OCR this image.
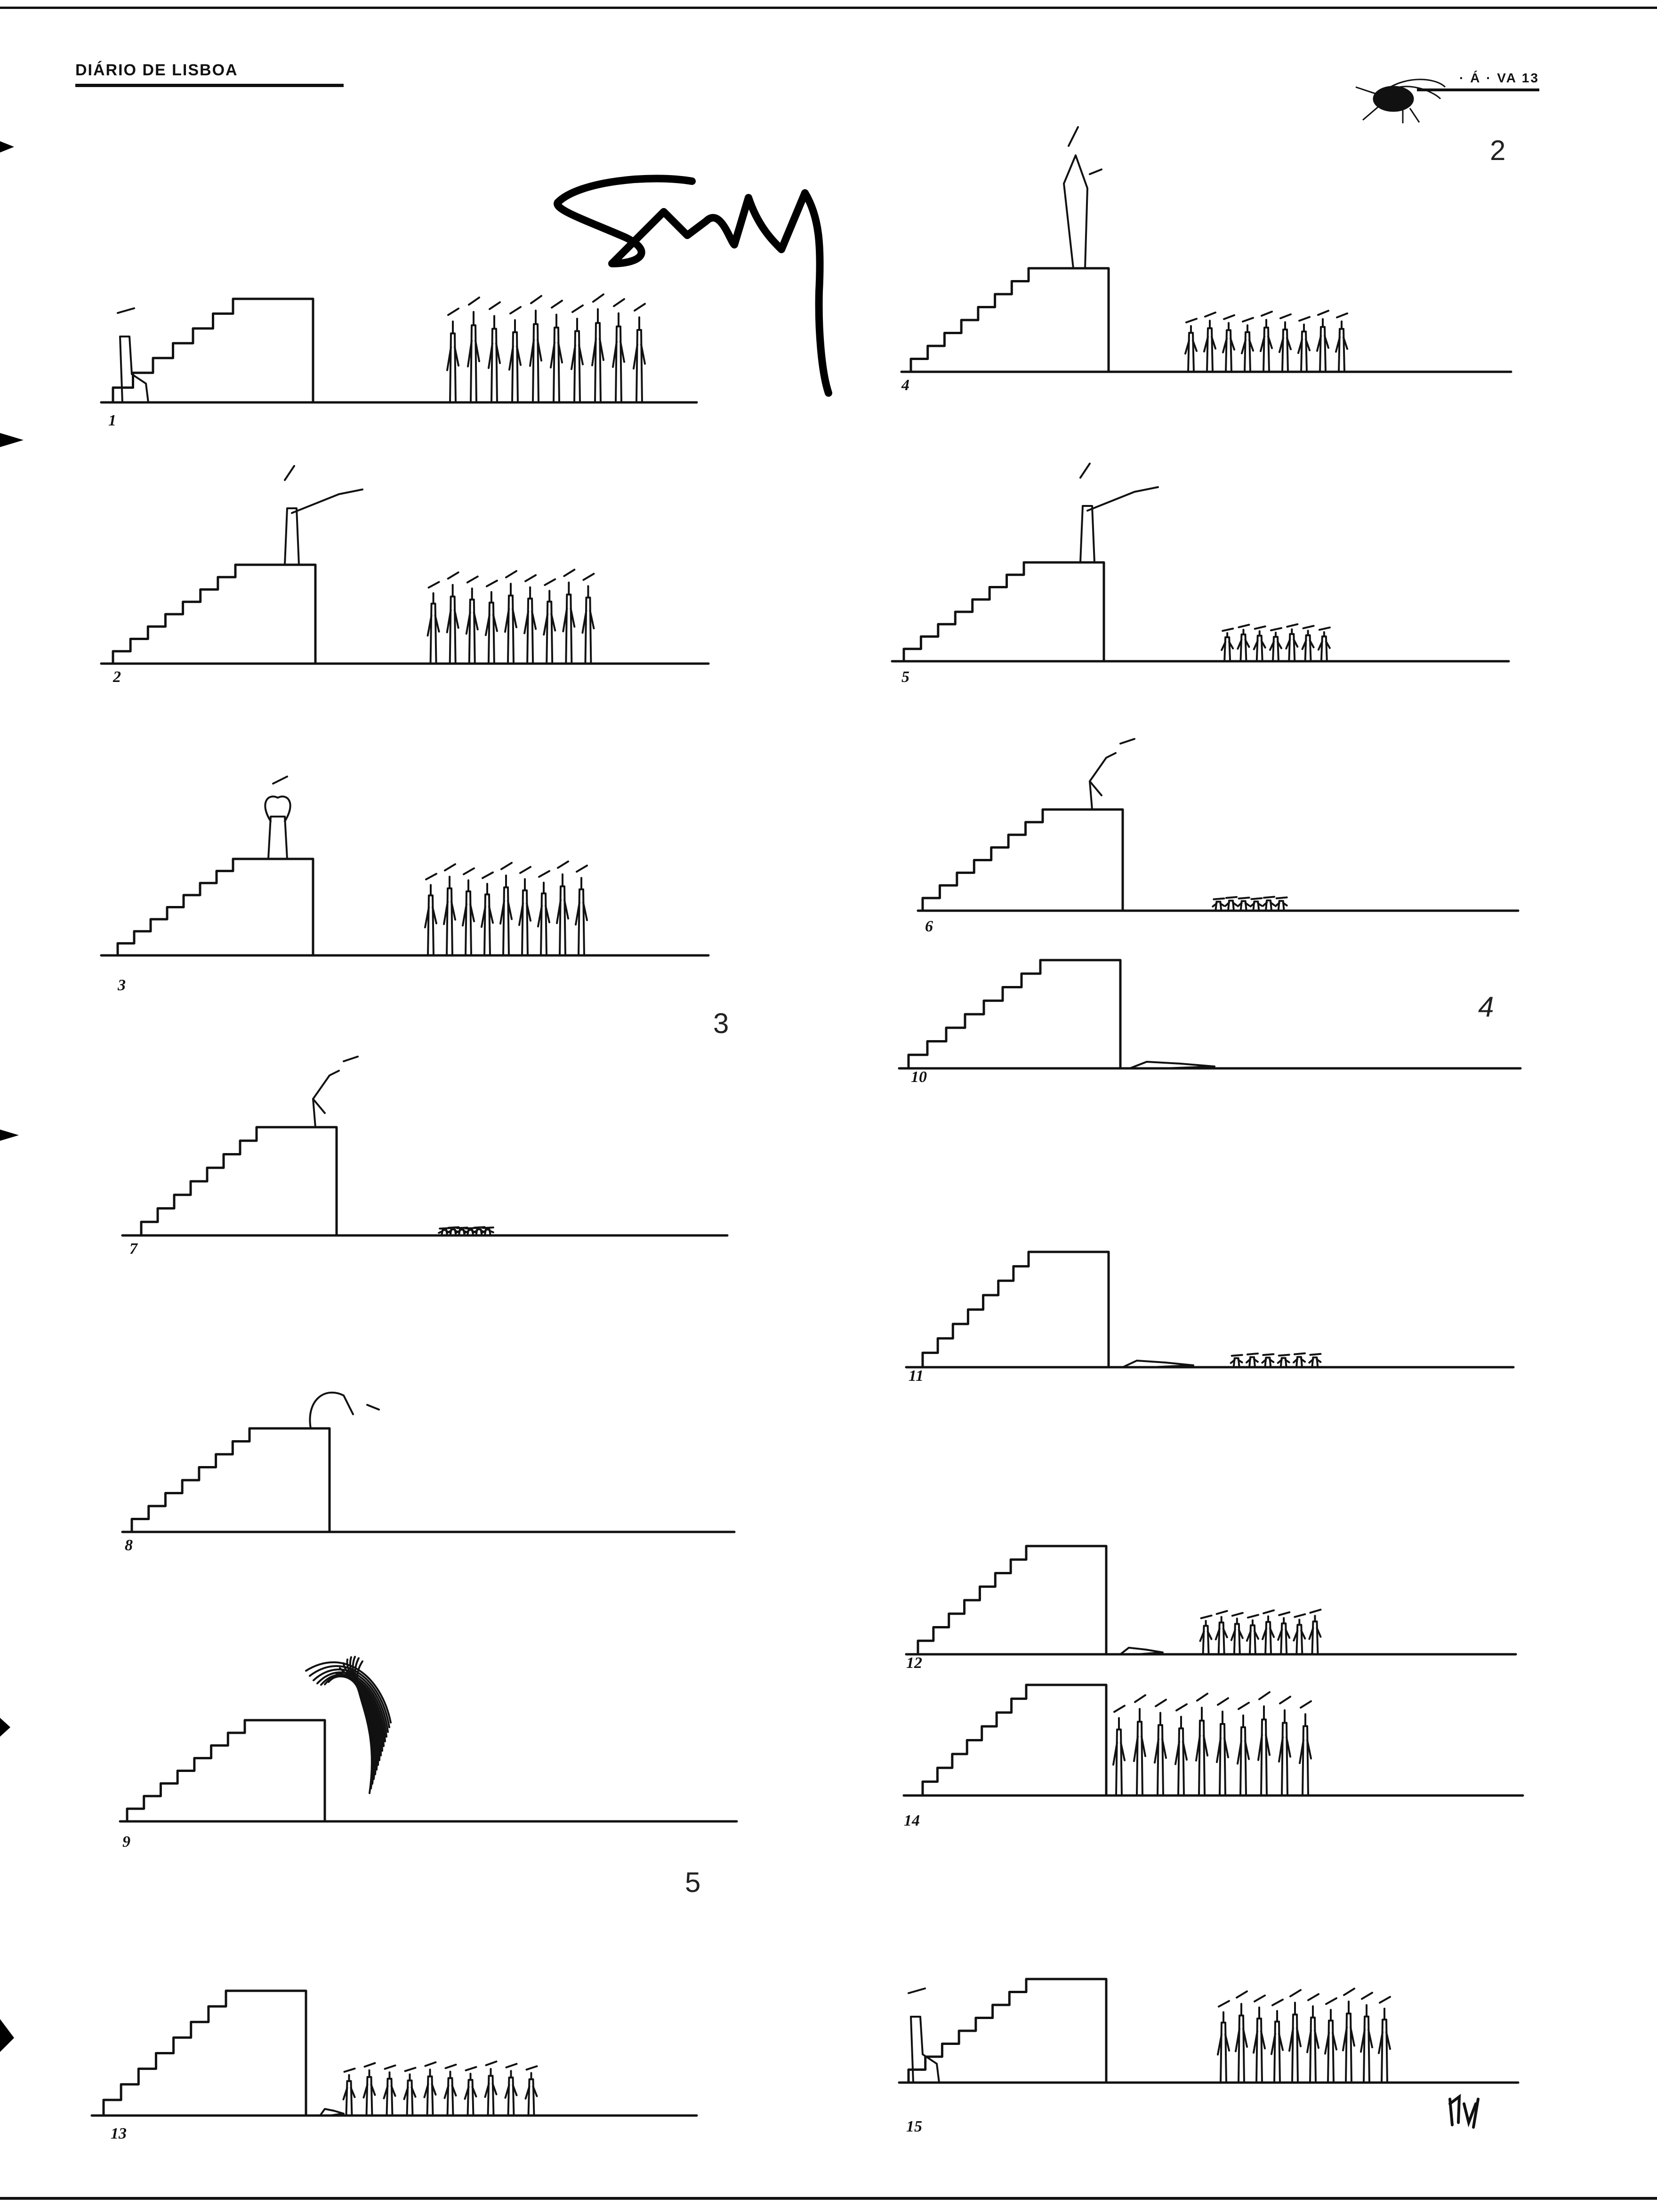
DIÁRIO DE LISBOA	· Á · VA 13
2
3
4
5
1
2
3
4
5
6
7
8
9
10
11
12
13
14
15
